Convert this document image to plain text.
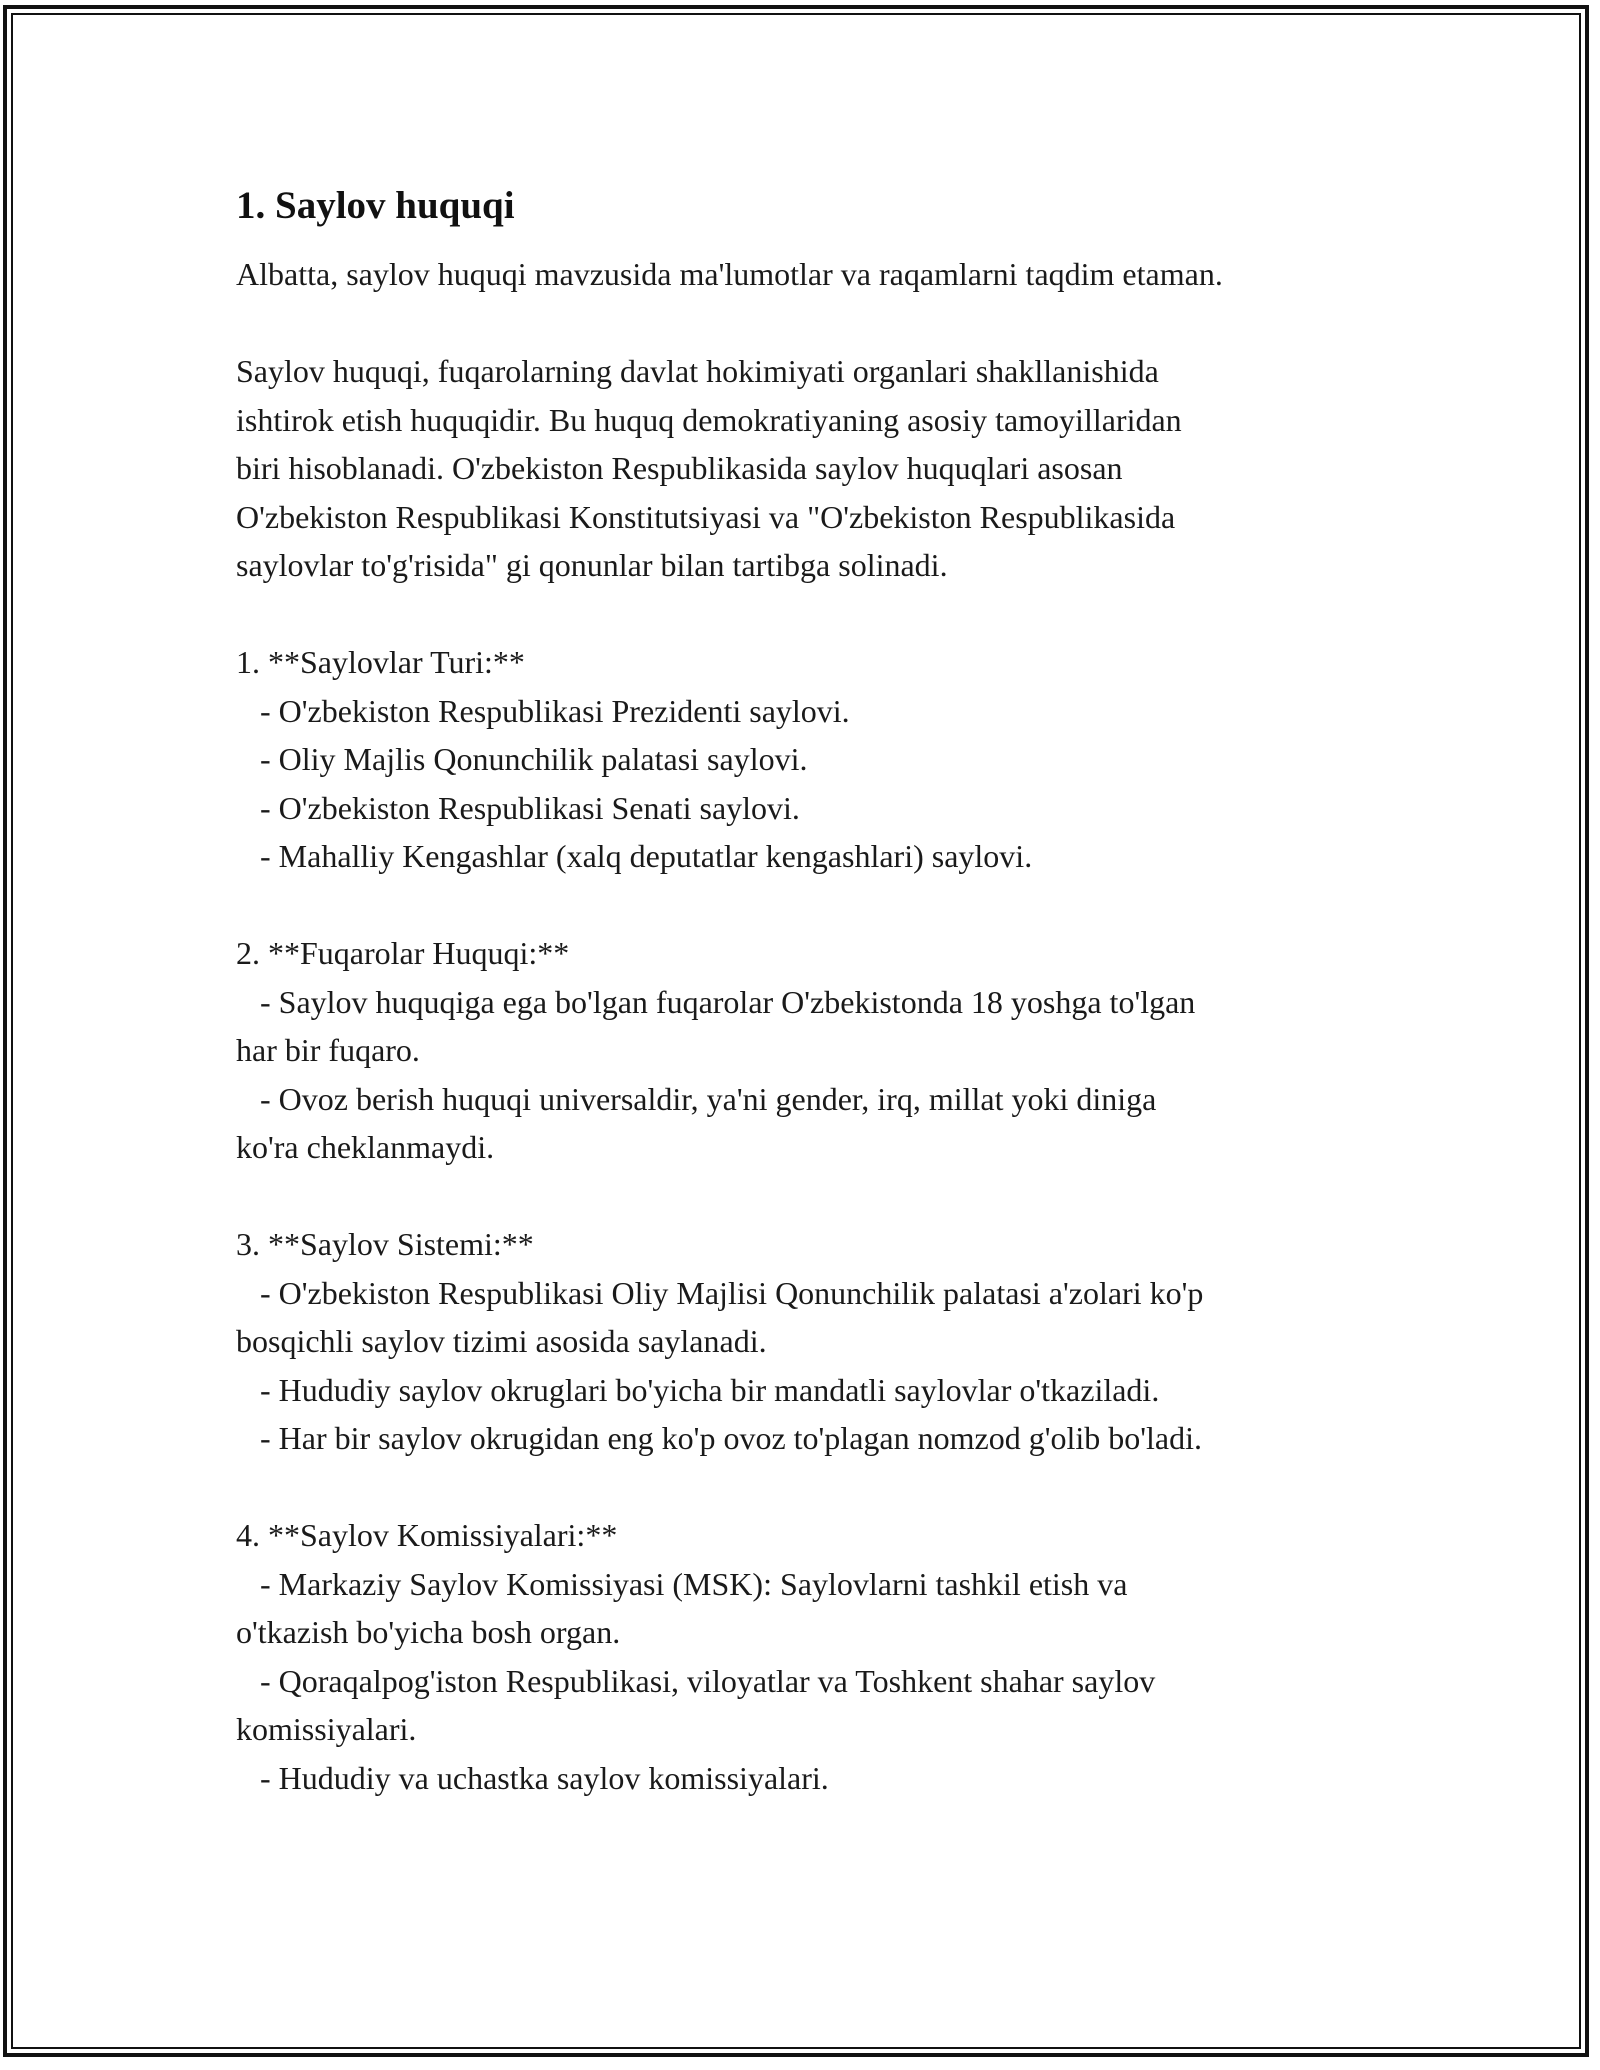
1. Saylov huquqi

Albatta, saylov huquqi mavzusida ma'lumotlar va raqamlarni taqdim etaman.

Saylov huquqi, fuqarolarning davlat hokimiyati organlari shakllanishida

ishtirok etish huquqidir. Bu huquq demokratiyaning asosiy tamoyillaridan

biri hisoblanadi. O'zbekiston Respublikasida saylov huquqlari asosan

O'zbekiston Respublikasi Konstitutsiyasi va "O'zbekiston Respublikasida

saylovlar to'g'risida" gi qonunlar bilan tartibga solinadi.

1. **Saylovlar Turi:**

- O'zbekiston Respublikasi Prezidenti saylovi.

- Oliy Majlis Qonunchilik palatasi saylovi.

- O'zbekiston Respublikasi Senati saylovi.

- Mahalliy Kengashlar (xalq deputatlar kengashlari) saylovi.

2. **Fuqarolar Huquqi:**

- Saylov huquqiga ega bo'lgan fuqarolar O'zbekistonda 18 yoshga to'lgan

har bir fuqaro.

- Ovoz berish huquqi universaldir, ya'ni gender, irq, millat yoki diniga

ko'ra cheklanmaydi.

3. **Saylov Sistemi:**

- O'zbekiston Respublikasi Oliy Majlisi Qonunchilik palatasi a'zolari ko'p

bosqichli saylov tizimi asosida saylanadi.

- Hududiy saylov okruglari bo'yicha bir mandatli saylovlar o'tkaziladi.

- Har bir saylov okrugidan eng ko'p ovoz to'plagan nomzod g'olib bo'ladi.

4. **Saylov Komissiyalari:**

- Markaziy Saylov Komissiyasi (MSK): Saylovlarni tashkil etish va

o'tkazish bo'yicha bosh organ.

- Qoraqalpog'iston Respublikasi, viloyatlar va Toshkent shahar saylov

komissiyalari.

- Hududiy va uchastka saylov komissiyalari.
